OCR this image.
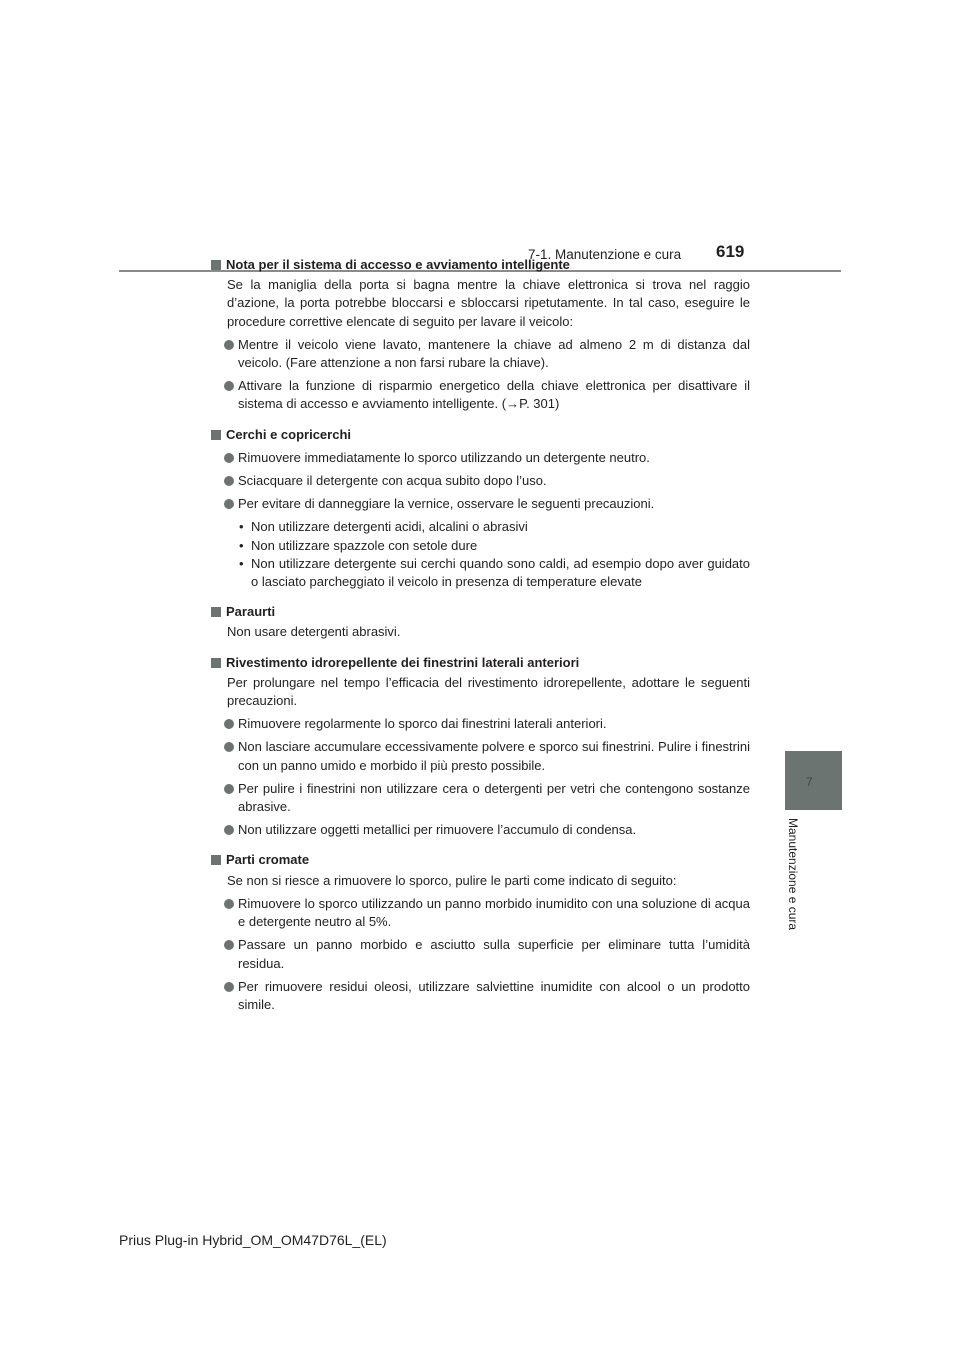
7-1. Manutenzione e cura 619
7
Manutenzione e cura
Nota per il sistema di accesso e avviamento intelligente
Se la maniglia della porta si bagna mentre la chiave elettronica si trova nel raggio d’azione, la porta potrebbe bloccarsi e sbloccarsi ripetutamente. In tal caso, eseguire le procedure correttive elencate di seguito per lavare il veicolo:
Mentre il veicolo viene lavato, mantenere la chiave ad almeno 2 m di distanza dal veicolo. (Fare attenzione a non farsi rubare la chiave).
Attivare la funzione di risparmio energetico della chiave elettronica per disattivare il sistema di accesso e avviamento intelligente. (→P. 301)
Cerchi e copricerchi
Rimuovere immediatamente lo sporco utilizzando un detergente neutro.
Sciacquare il detergente con acqua subito dopo l’uso.
Per evitare di danneggiare la vernice, osservare le seguenti precauzioni.
• Non utilizzare detergenti acidi, alcalini o abrasivi
• Non utilizzare spazzole con setole dure
• Non utilizzare detergente sui cerchi quando sono caldi, ad esempio dopo aver guidato o lasciato parcheggiato il veicolo in presenza di temperature elevate
Paraurti
Non usare detergenti abrasivi.
Rivestimento idrorepellente dei finestrini laterali anteriori
Per prolungare nel tempo l’efficacia del rivestimento idrorepellente, adottare le seguenti precauzioni.
Rimuovere regolarmente lo sporco dai finestrini laterali anteriori.
Non lasciare accumulare eccessivamente polvere e sporco sui finestrini. Pulire i finestrini con un panno umido e morbido il più presto possibile.
Per pulire i finestrini non utilizzare cera o detergenti per vetri che contengono sostanze abrasive.
Non utilizzare oggetti metallici per rimuovere l’accumulo di condensa.
Parti cromate
Se non si riesce a rimuovere lo sporco, pulire le parti come indicato di seguito:
Rimuovere lo sporco utilizzando un panno morbido inumidito con una soluzione di acqua e detergente neutro al 5%.
Passare un panno morbido e asciutto sulla superficie per eliminare tutta l’umidità residua.
Per rimuovere residui oleosi, utilizzare salviettine inumidite con alcool o un prodotto simile.
Prius Plug-in Hybrid_OM_OM47D76L_(EL)
